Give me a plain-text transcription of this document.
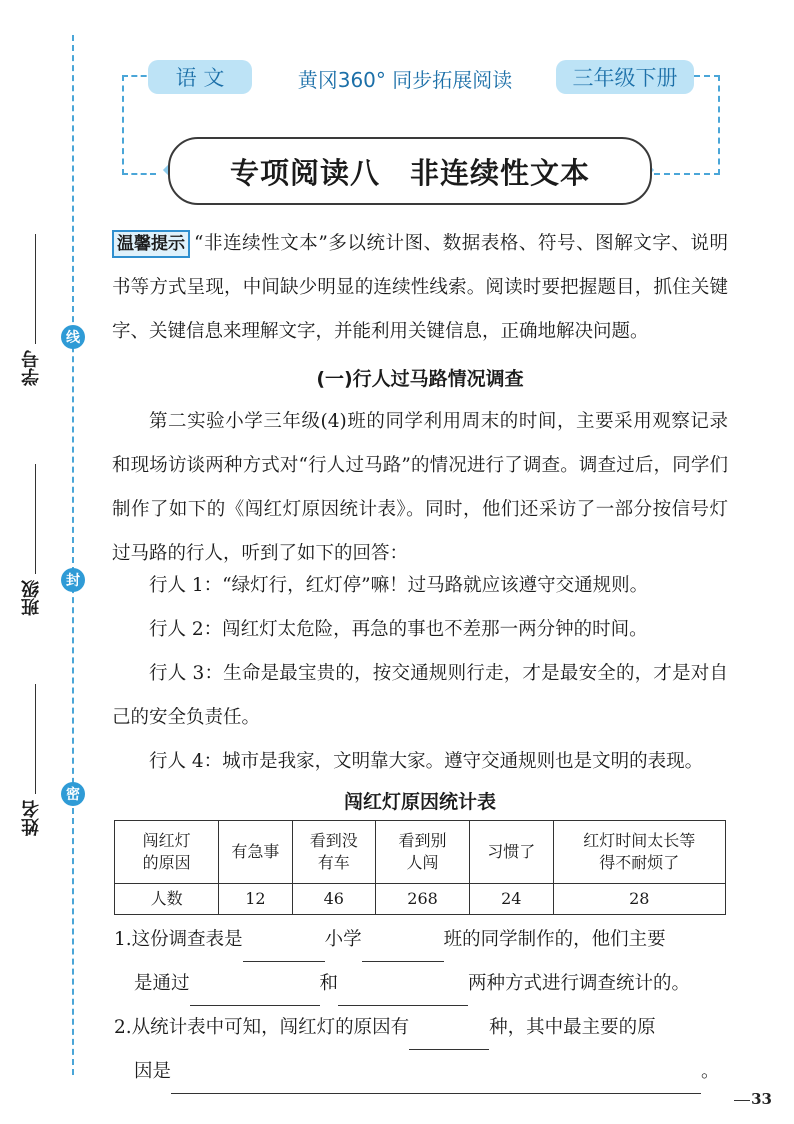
线
封
密
学号
班级
姓名
语 文	黄冈360° 同步拓展阅读	三年级下册
专项阅读八　非连续性文本
温馨提示 “非连续性文本”多以统计图、数据表格、符号、图解文字、说明书等方式呈现，中间缺少明显的连续性线索。阅读时要把握题目，抓住关键字、关键信息来理解文字，并能利用关键信息，正确地解决问题。
(一)行人过马路情况调查
第二实验小学三年级(4)班的同学利用周末的时间，主要采用观察记录和现场访谈两种方式对“行人过马路”的情况进行了调查。调查过后，同学们制作了如下的《闯红灯原因统计表》。同时，他们还采访了一部分按信号灯过马路的行人，听到了如下的回答：
行人 1：“绿灯行，红灯停”嘛！过马路就应该遵守交通规则。
行人 2：闯红灯太危险，再急的事也不差那一两分钟的时间。
行人 3：生命是最宝贵的，按交通规则行走，才是最安全的，才是对自己的安全负责任。
行人 4：城市是我家，文明靠大家。遵守交通规则也是文明的表现。
闯红灯原因统计表
闯红灯的原因	有急事	看到没有车	看到别人闯	习惯了	红灯时间太长等得不耐烦了

人数	12	46	268	24	28
1.这份调查表是	小学	班的同学制作的，他们主要
是通过	和	两种方式进行调查统计的。
2.从统计表中可知，闯红灯的原因有	种，其中最主要的原
因是	。
33
